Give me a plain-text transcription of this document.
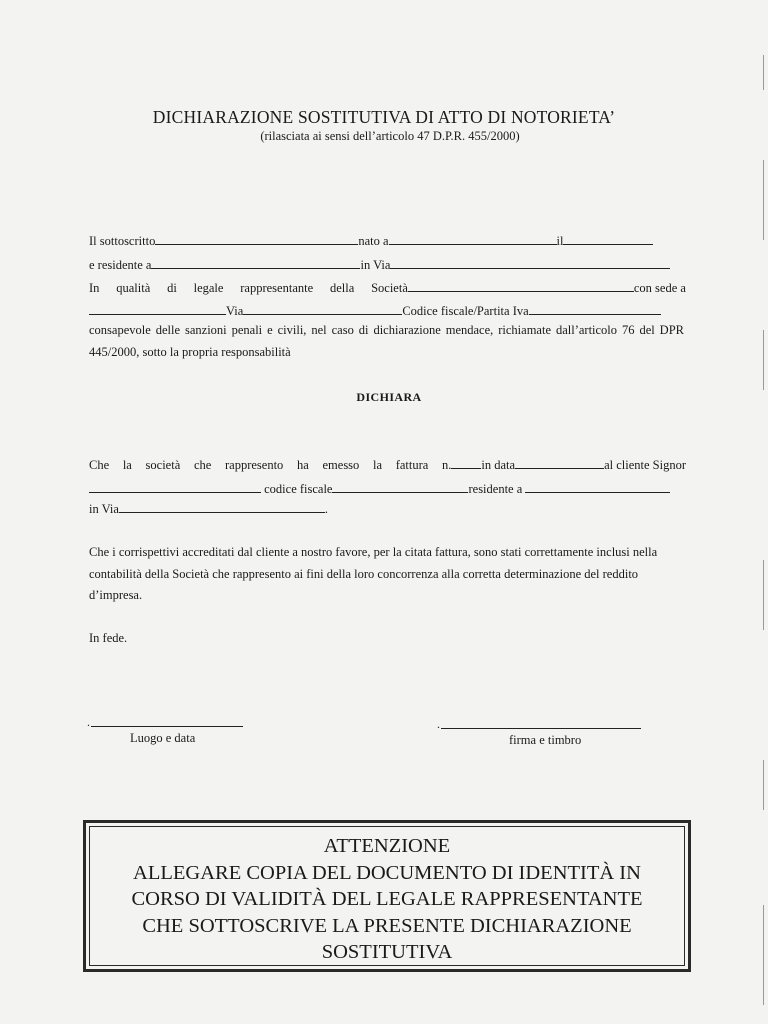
DICHIARAZIONE SOSTITUTIVA DI ATTO DI NOTORIETA’
(rilasciata ai sensi dell’articolo 47 D.P.R. 455/2000)
Il sottoscritto	nato a	il
e residente a	in Via
In qualità di legale rappresentante della Società	con sede a
Via	Codice fiscale/Partita Iva
consapevole delle sanzioni penali e civili, nel caso di dichiarazione mendace, richiamate dall’articolo 76 del DPR 445/2000, sotto la propria responsabilità
DICHIARA
Che la società che rappresento ha emesso la fattura n. in data	al cliente Signor
codice fiscale	residente a
in Via	.
Che i corrispettivi accreditati dal cliente a nostro favore, per la citata fattura, sono stati correttamente inclusi nella contabilità della Società che rappresento ai fini della loro concorrenza alla corretta determinazione del reddito d’impresa.
In fede.
.
Luogo e data
.
firma e timbro
ATTENZIONE
ALLEGARE COPIA DEL DOCUMENTO DI IDENTITÀ IN
CORSO DI VALIDITÀ DEL LEGALE RAPPRESENTANTE
CHE SOTTOSCRIVE LA PRESENTE DICHIARAZIONE
SOSTITUTIVA
